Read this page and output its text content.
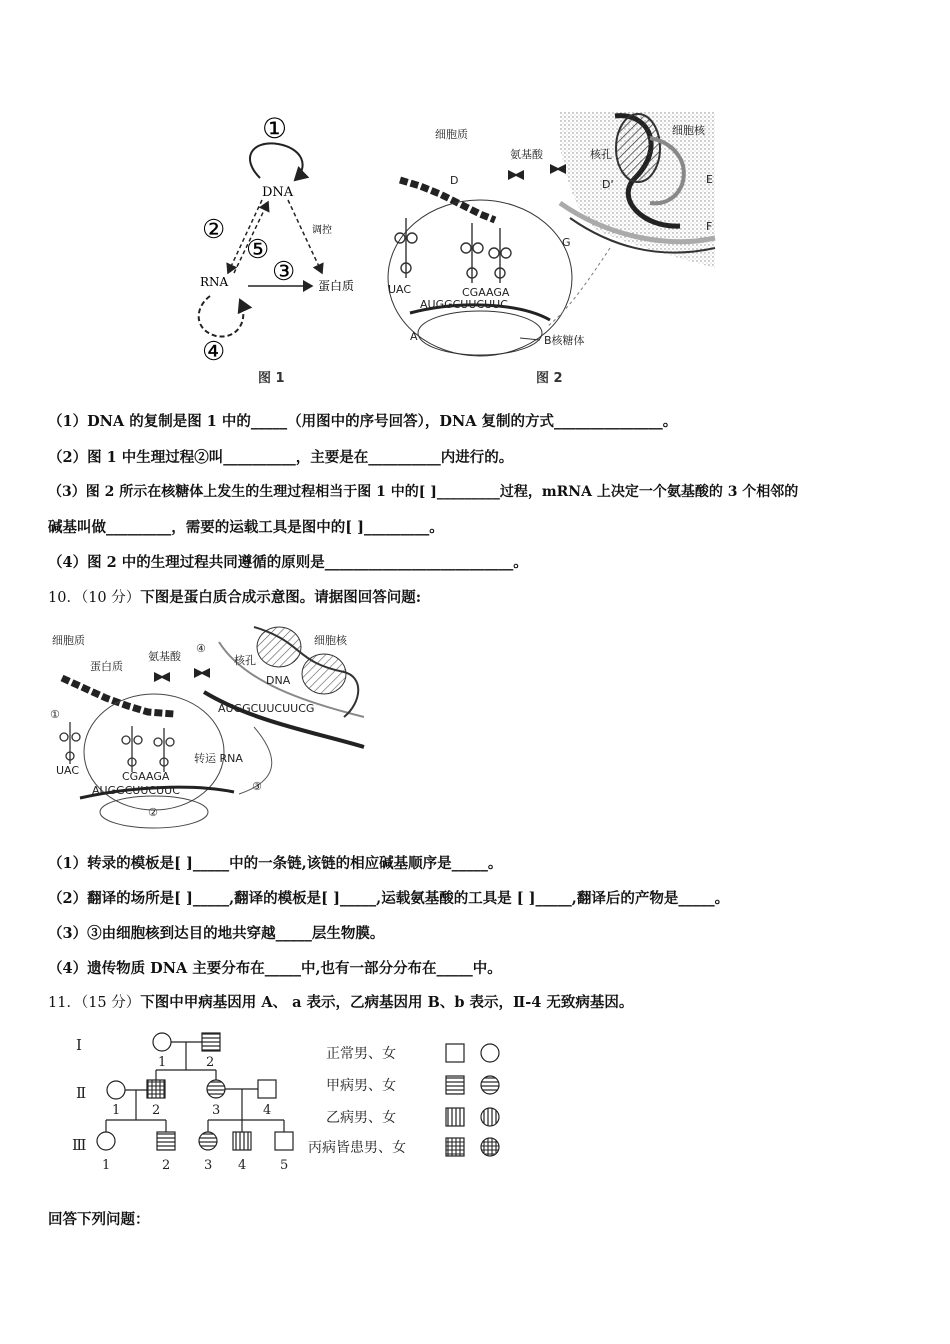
①
DNA
调控
②
⑤
③
RNA	蛋白质
④
图 1
细胞质
氨基酸	核孔
细胞核
E
F
D'
D
G
UAC	CGAAGA
AUGGCUUCUUC
A	B核糖体
图 2
（1）DNA 的复制是图 1 中的_____（用图中的序号回答），DNA 复制的方式_______________。
（2）图 1 中生理过程②叫__________，主要是在__________内进行的。
（3）图 2 所示在核糖体上发生的生理过程相当于图 1 中的[ ]_________过程，mRNA 上决定一个氨基酸的 3 个相邻的
碱基叫做_________，需要的运载工具是图中的[ ]_________。
（4）图 2 中的生理过程共同遵循的原则是__________________________。
10．（10 分）下图是蛋白质合成示意图。请据图回答问题:
细胞质
蛋白质
氨基酸
④
核孔
细胞核
DNA
①
UAC	CGAAGA
转运 RNA
AUGGCUUCUUC
AUGGCUUCUUCG
③
②
（1）转录的模板是[ ]_____中的一条链,该链的相应碱基顺序是_____。
（2）翻译的场所是[ ]_____,翻译的模板是[ ]_____,运载氨基酸的工具是 [ ]_____,翻译后的产物是_____。
（3）③由细胞核到达目的地共穿越_____层生物膜。
（4）遗传物质 DNA 主要分布在_____中,也有一部分分布在_____中。
11．（15 分）下图中甲病基因用 A、 a 表示，乙病基因用 B、b 表示，Ⅱ-4 无致病基因。
Ⅰ
Ⅱ
Ⅲ
1	2
1 2	3	4
1	2	3 4	5
正常男、女
甲病男、女
乙病男、女
丙病皆患男、女
回答下列问题：
